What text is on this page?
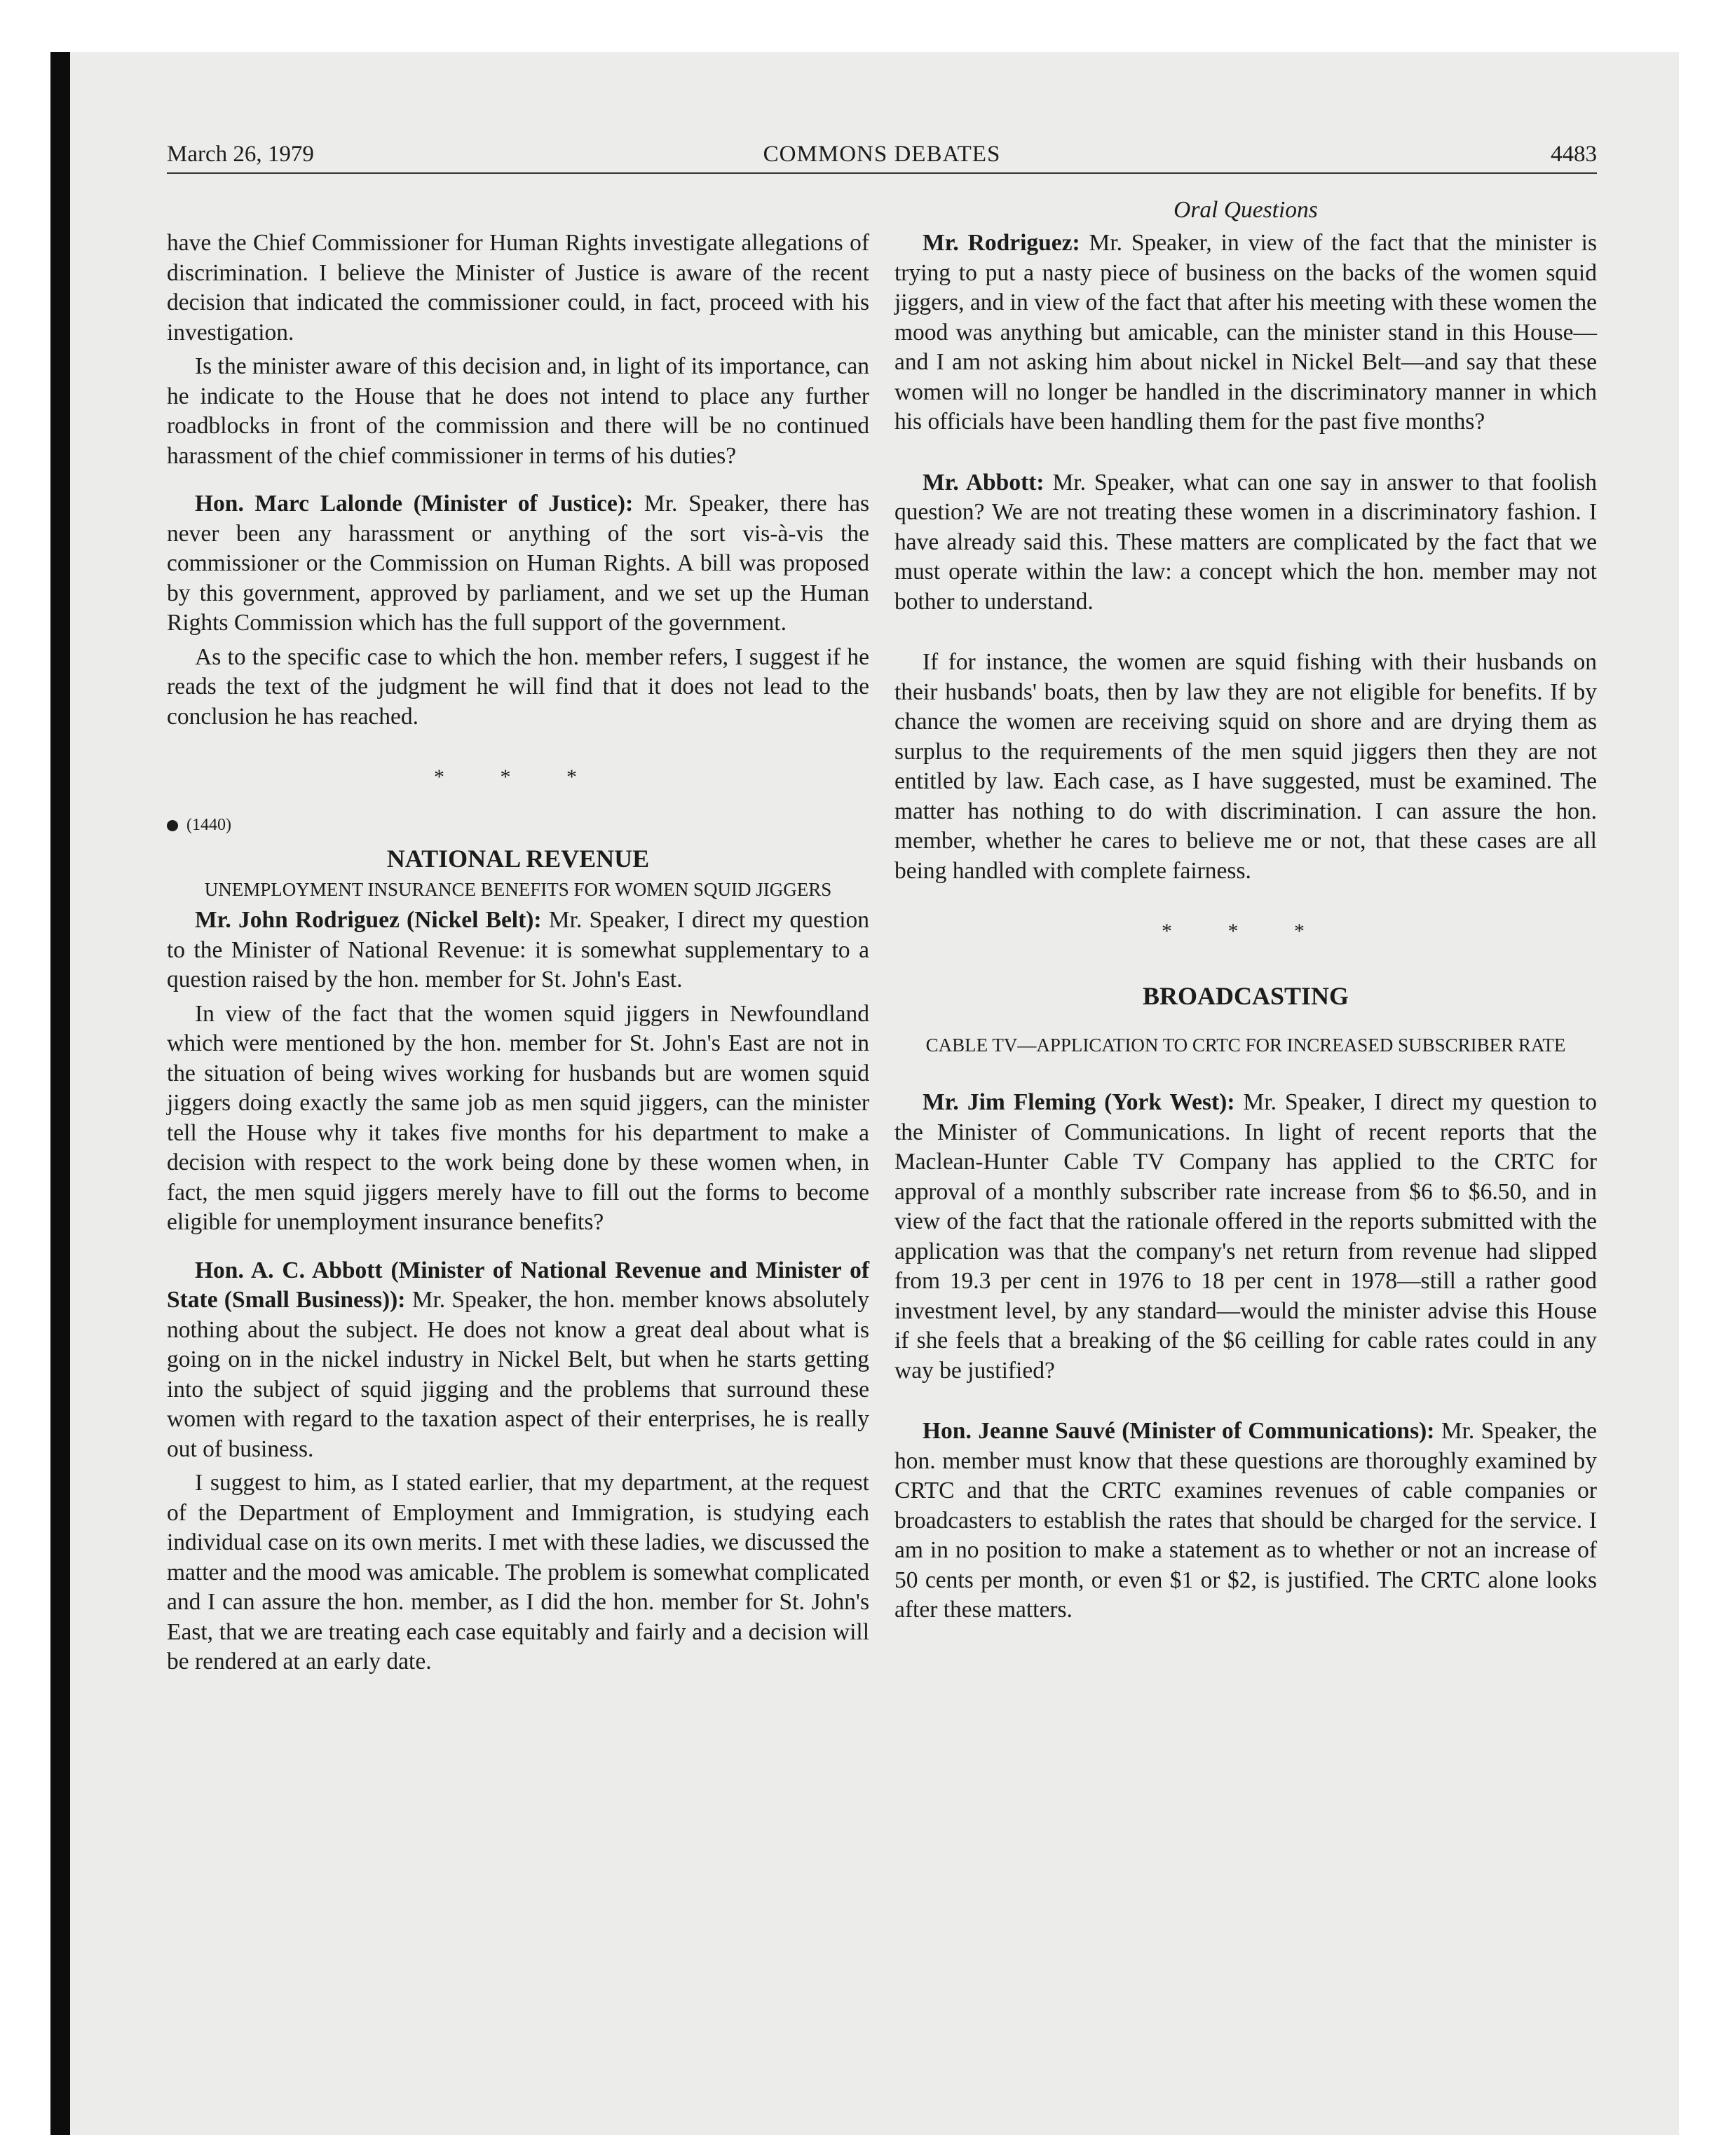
March 26, 1979	COMMONS DEBATES	4483

have the Chief Commissioner for Human Rights investigate allegations of discrimination. I believe the Minister of Justice is aware of the recent decision that indicated the commissioner could, in fact, proceed with his investigation.

Is the minister aware of this decision and, in light of its importance, can he indicate to the House that he does not intend to place any further roadblocks in front of the commission and there will be no continued harassment of the chief commissioner in terms of his duties?

Hon. Marc Lalonde (Minister of Justice): Mr. Speaker, there has never been any harassment or anything of the sort vis-à-vis the commissioner or the Commission on Human Rights. A bill was proposed by this government, approved by parliament, and we set up the Human Rights Commission which has the full support of the government.

As to the specific case to which the hon. member refers, I suggest if he reads the text of the judgment he will find that it does not lead to the conclusion he has reached.

* * *
(1440)
NATIONAL REVENUE
UNEMPLOYMENT INSURANCE BENEFITS FOR WOMEN SQUID JIGGERS

Mr. John Rodriguez (Nickel Belt): Mr. Speaker, I direct my question to the Minister of National Revenue: it is somewhat supplementary to a question raised by the hon. member for St. John's East.

In view of the fact that the women squid jiggers in Newfoundland which were mentioned by the hon. member for St. John's East are not in the situation of being wives working for husbands but are women squid jiggers doing exactly the same job as men squid jiggers, can the minister tell the House why it takes five months for his department to make a decision with respect to the work being done by these women when, in fact, the men squid jiggers merely have to fill out the forms to become eligible for unemployment insurance benefits?

Hon. A. C. Abbott (Minister of National Revenue and Minister of State (Small Business)): Mr. Speaker, the hon. member knows absolutely nothing about the subject. He does not know a great deal about what is going on in the nickel industry in Nickel Belt, but when he starts getting into the subject of squid jigging and the problems that surround these women with regard to the taxation aspect of their enterprises, he is really out of business.

I suggest to him, as I stated earlier, that my department, at the request of the Department of Employment and Immigration, is studying each individual case on its own merits. I met with these ladies, we discussed the matter and the mood was amicable. The problem is somewhat complicated and I can assure the hon. member, as I did the hon. member for St. John's East, that we are treating each case equitably and fairly and a decision will be rendered at an early date.

Oral Questions

Mr. Rodriguez: Mr. Speaker, in view of the fact that the minister is trying to put a nasty piece of business on the backs of the women squid jiggers, and in view of the fact that after his meeting with these women the mood was anything but amicable, can the minister stand in this House—and I am not asking him about nickel in Nickel Belt—and say that these women will no longer be handled in the discriminatory manner in which his officials have been handling them for the past five months?

Mr. Abbott: Mr. Speaker, what can one say in answer to that foolish question? We are not treating these women in a discriminatory fashion. I have already said this. These matters are complicated by the fact that we must operate within the law: a concept which the hon. member may not bother to understand.

If for instance, the women are squid fishing with their husbands on their husbands' boats, then by law they are not eligible for benefits. If by chance the women are receiving squid on shore and are drying them as surplus to the requirements of the men squid jiggers then they are not entitled by law. Each case, as I have suggested, must be examined. The matter has nothing to do with discrimination. I can assure the hon. member, whether he cares to believe me or not, that these cases are all being handled with complete fairness.

* * *
BROADCASTING
CABLE TV—APPLICATION TO CRTC FOR INCREASED SUBSCRIBER RATE

Mr. Jim Fleming (York West): Mr. Speaker, I direct my question to the Minister of Communications. In light of recent reports that the Maclean-Hunter Cable TV Company has applied to the CRTC for approval of a monthly subscriber rate increase from $6 to $6.50, and in view of the fact that the rationale offered in the reports submitted with the application was that the company's net return from revenue had slipped from 19.3 per cent in 1976 to 18 per cent in 1978—still a rather good investment level, by any standard—would the minister advise this House if she feels that a breaking of the $6 ceilling for cable rates could in any way be justified?

Hon. Jeanne Sauvé (Minister of Communications): Mr. Speaker, the hon. member must know that these questions are thoroughly examined by CRTC and that the CRTC examines revenues of cable companies or broadcasters to establish the rates that should be charged for the service. I am in no position to make a statement as to whether or not an increase of 50 cents per month, or even $1 or $2, is justified. The CRTC alone looks after these matters.
